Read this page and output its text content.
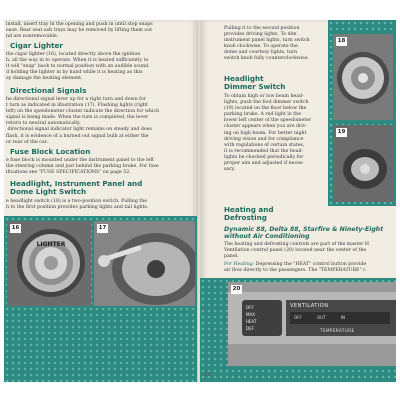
install, insert tray in the opening and push in until stop snaps
ease. Rear seat ash trays may be removed by lifting them out
nd are nonremovable.
Cigar Lighter
the cigar lighter (16), located directly above the ignition
h, all the way in to operate. When it is heated sufficiently to
it will "snap" back to normal position with an audible sound.
d holding the lighter in by hand while it is heating as this
ay damage the heating element.
Directional Signals
he directional signal lever up for a right turn and down for
t turn as indicated in illustration (17). Flashing lights (right
left) on the speedometer cluster indicate the direction for which
signal is being made. When the turn is completed, the lever
return to neutral automatically.
directional signal indicator light remains on steady and does
flash, it is evidence of a burned out signal bulb at either the
or rear of the car.
Fuse Block Location
e fuse block is mounted under the instrument panel to the left
the steering column and just behind the parking brake. For fuse
ifications see "FUSE SPECIFICATIONS" on page 52.
Headlight, Instrument Panel and
Dome Light Switch
e headlight switch (18) is a two-position switch. Pulling the
h to the first position provides parking lights and tail lights.
LIGHTER
16	17
Pulling it to the second position
provides driving lights. To dim
instrument panel lights, turn switch
knob clockwise. To operate the
dome and courtesy lights, turn
switch knob fully counterclockwise.
Headlight
Dimmer Switch
To obtain high or low beam head-
lights, push the foot dimmer switch
(19) located on the floor below the
parking brake. A red light in the
lower left center of the speedometer
cluster appears when you are driv-
ing on high beam. For better night
driving vision and for compliance
with regulations of certain states,
it is recommended that the head-
lights be checked periodically for
proper aim and adjusted if neces-
sary.
18
19
Heating and
Defrosting
Dynamic 88, Delta 88, Starfire & Ninety-Eight
without Air Conditioning
The heating and defrosting controls are part of the master H
Ventilation control panel (20) located near the center of the
panel.
For Heating: Depressing the "HEAT" control button provide
air flow directly to the passengers. The "TEMPERATURE" c
OFF
MAX
HEAT
DEF
VENTILATION
OFF	OUT	IN
TEMPERATURE
20
15
